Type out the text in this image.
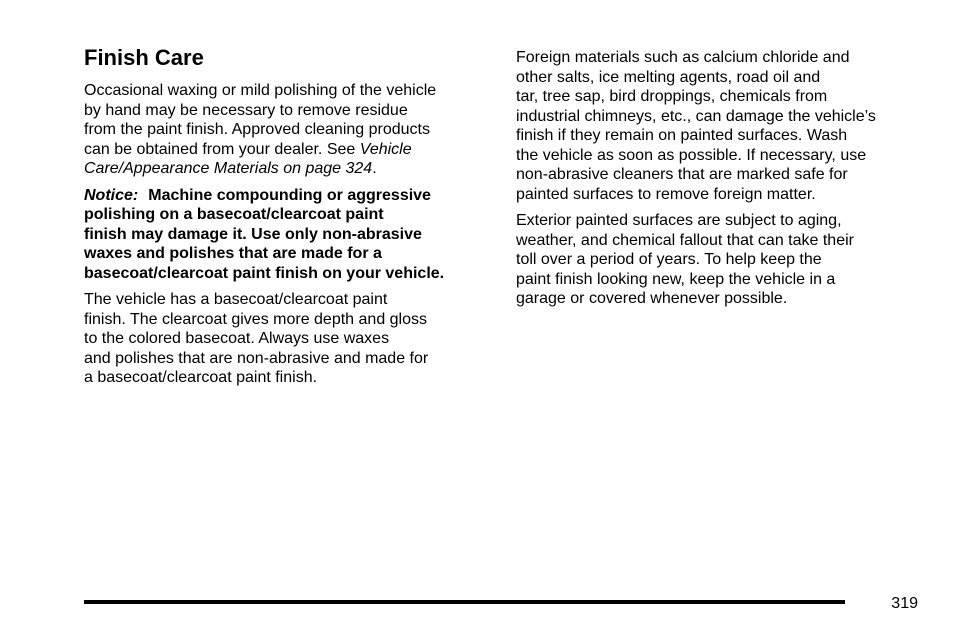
Finish Care

Occasional waxing or mild polishing of the vehicle
by hand may be necessary to remove residue
from the paint finish. Approved cleaning products
can be obtained from your dealer. See Vehicle
Care/Appearance Materials on page 324.

Notice: Machine compounding or aggressive
polishing on a basecoat/clearcoat paint
finish may damage it. Use only non-abrasive
waxes and polishes that are made for a
basecoat/clearcoat paint finish on your vehicle.

The vehicle has a basecoat/clearcoat paint
finish. The clearcoat gives more depth and gloss
to the colored basecoat. Always use waxes
and polishes that are non-abrasive and made for
a basecoat/clearcoat paint finish.

Foreign materials such as calcium chloride and
other salts, ice melting agents, road oil and
tar, tree sap, bird droppings, chemicals from
industrial chimneys, etc., can damage the vehicle’s
finish if they remain on painted surfaces. Wash
the vehicle as soon as possible. If necessary, use
non-abrasive cleaners that are marked safe for
painted surfaces to remove foreign matter.

Exterior painted surfaces are subject to aging,
weather, and chemical fallout that can take their
toll over a period of years. To help keep the
paint finish looking new, keep the vehicle in a
garage or covered whenever possible.

319
